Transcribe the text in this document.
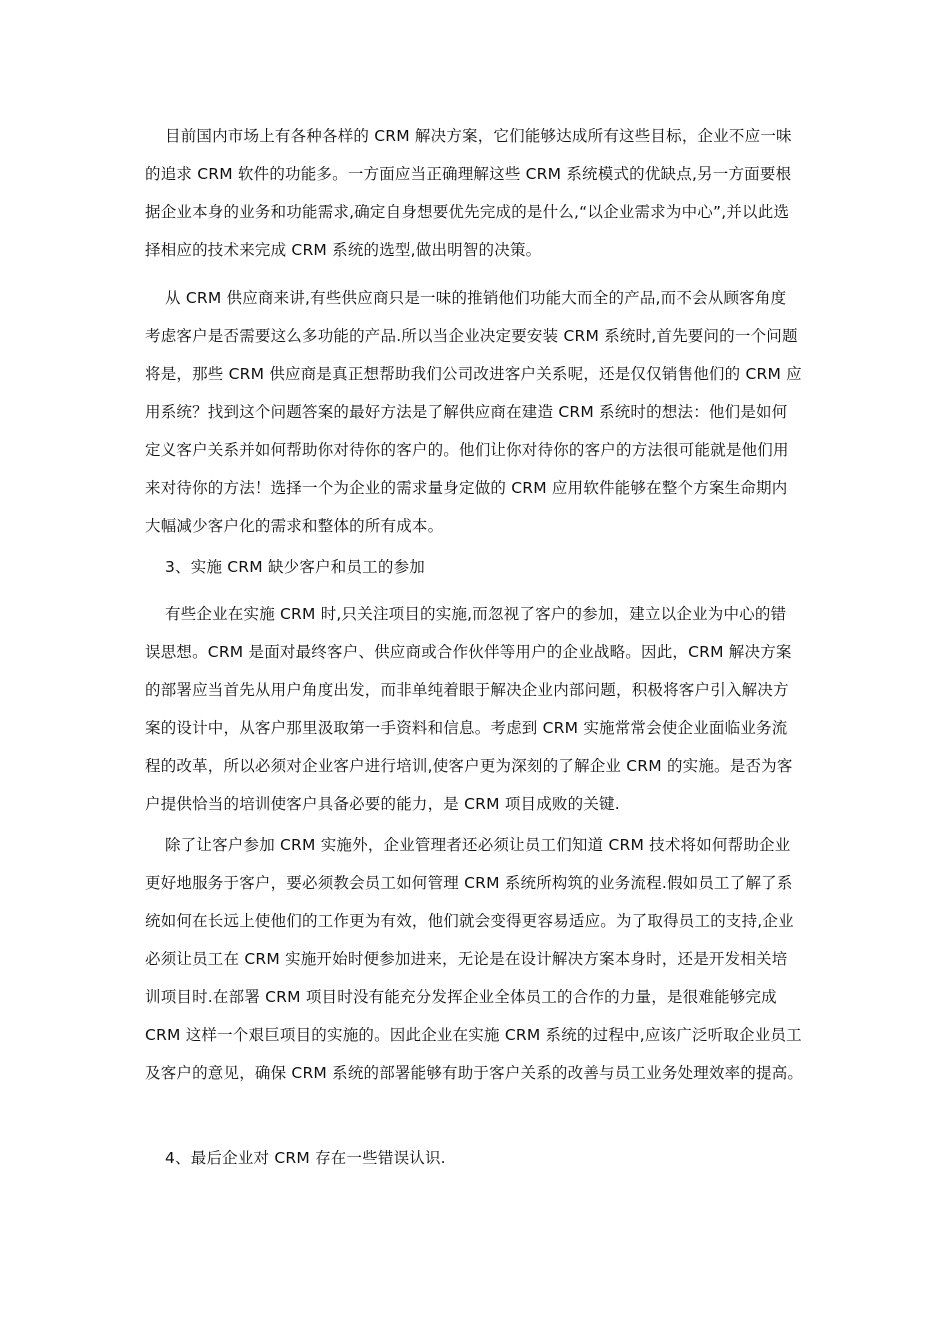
目前国内市场上有各种各样的 CRM 解决方案，它们能够达成所有这些目标，企业不应一味
的追求 CRM 软件的功能多。一方面应当正确理解这些 CRM 系统模式的优缺点,另一方面要根
据企业本身的业务和功能需求,确定自身想要优先完成的是什么,“以企业需求为中心”,并以此选
择相应的技术来完成 CRM 系统的选型,做出明智的决策。

从 CRM 供应商来讲,有些供应商只是一味的推销他们功能大而全的产品,而不会从顾客角度
考虑客户是否需要这么多功能的产品.所以当企业决定要安装 CRM 系统时,首先要问的一个问题
将是，那些 CRM 供应商是真正想帮助我们公司改进客户关系呢，还是仅仅销售他们的 CRM 应
用系统？找到这个问题答案的最好方法是了解供应商在建造 CRM 系统时的想法：他们是如何
定义客户关系并如何帮助你对待你的客户的。他们让你对待你的客户的方法很可能就是他们用
来对待你的方法！选择一个为企业的需求量身定做的 CRM 应用软件能够在整个方案生命期内
大幅减少客户化的需求和整体的所有成本。

3、实施 CRM 缺少客户和员工的参加

有些企业在实施 CRM 时,只关注项目的实施,而忽视了客户的参加，建立以企业为中心的错
误思想。CRM 是面对最终客户、供应商或合作伙伴等用户的企业战略。因此，CRM 解决方案
的部署应当首先从用户角度出发，而非单纯着眼于解决企业内部问题，积极将客户引入解决方
案的设计中，从客户那里汲取第一手资料和信息。考虑到 CRM 实施常常会使企业面临业务流
程的改革，所以必须对企业客户进行培训,使客户更为深刻的了解企业 CRM 的实施。是否为客
户提供恰当的培训使客户具备必要的能力，是 CRM 项目成败的关键.

除了让客户参加 CRM 实施外，企业管理者还必须让员工们知道 CRM 技术将如何帮助企业
更好地服务于客户，要必须教会员工如何管理 CRM 系统所构筑的业务流程.假如员工了解了系
统如何在长远上使他们的工作更为有效，他们就会变得更容易适应。为了取得员工的支持,企业
必须让员工在 CRM 实施开始时便参加进来，无论是在设计解决方案本身时，还是开发相关培
训项目时.在部署 CRM 项目时没有能充分发挥企业全体员工的合作的力量，是很难能够完成
CRM 这样一个艰巨项目的实施的。因此企业在实施 CRM 系统的过程中,应该广泛听取企业员工
及客户的意见，确保 CRM 系统的部署能够有助于客户关系的改善与员工业务处理效率的提高。

4、最后企业对 CRM 存在一些错误认识.
